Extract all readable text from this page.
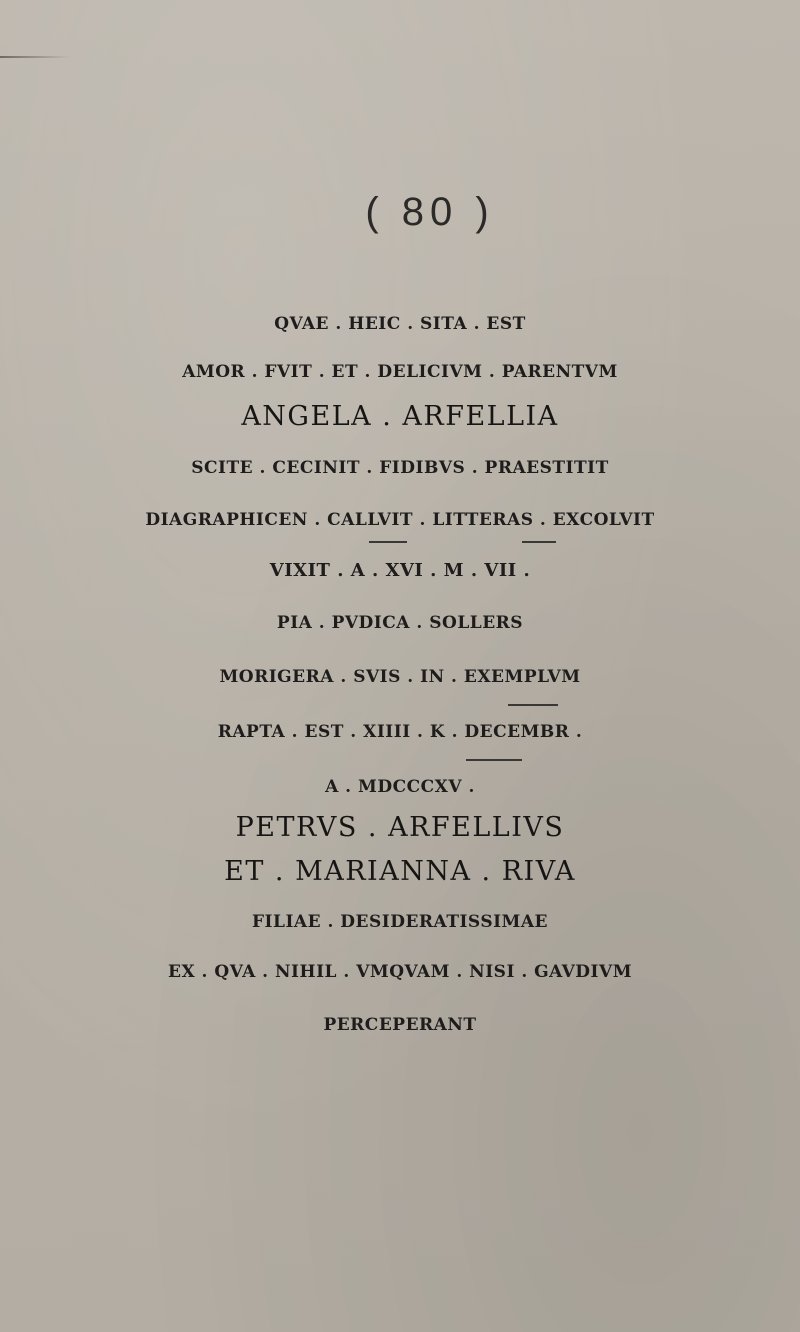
( 80 )
QVAE . HEIC . SITA . EST
AMOR . FVIT . ET . DELICIVM . PARENTVM
ANGELA . ARFELLIA
SCITE . CECINIT . FIDIBVS . PRAESTITIT
DIAGRAPHICEN . CALLVIT . LITTERAS . EXCOLVIT
VIXIT . A . XVI . M . VII .
PIA . PVDICA . SOLLERS
MORIGERA . SVIS . IN . EXEMPLVM
RAPTA . EST . XIIII . K . DECEMBR .
A . MDCCCXV .
PETRVS . ARFELLIVS
ET . MARIANNA . RIVA
FILIAE . DESIDERATISSIMAE
EX . QVA . NIHIL . VMQVAM . NISI . GAVDIVM
PERCEPERANT
